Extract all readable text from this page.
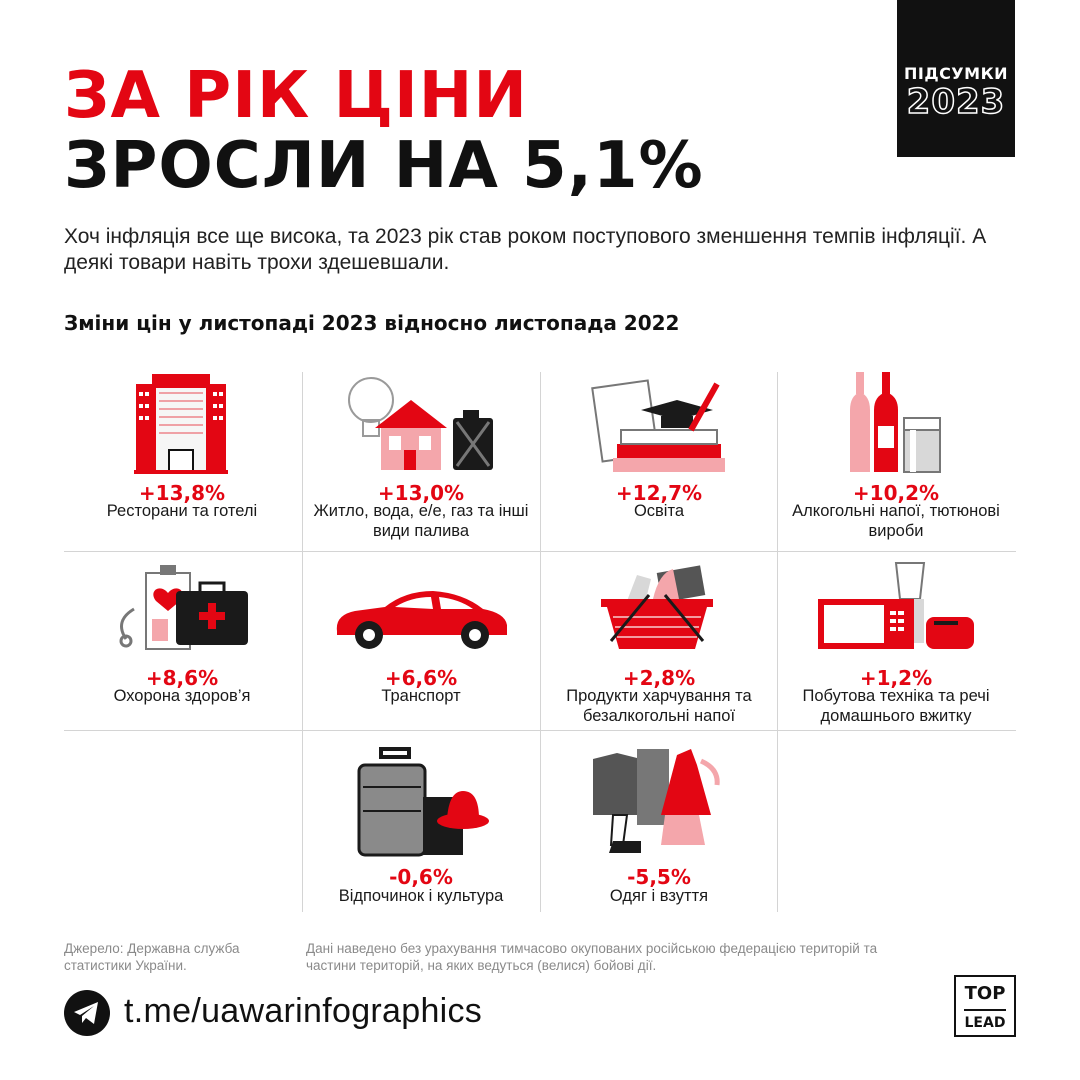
ЗА РІК ЦІНИ
ЗРОСЛИ НА 5,1%
ПІДСУМКИ
2023
Хоч інфляція все ще висока, та 2023 рік став роком поступового зменшення темпів інфляції. А деякі товари навіть трохи здешевшали.
Зміни цін у листопаді 2023 відносно листопада 2022
+13,8%
Ресторани та готелі
+13,0%
Житло, вода, е/е, газ та інші види палива
+12,7%
Освіта
+10,2%
Алкогольні напої, тютюнові вироби
+8,6%
Охорона здоров’я
+6,6%
Транспорт
+2,8%
Продукти харчування та безалкогольні напої
+1,2%
Побутова техніка та речі домашнього вжитку
-0,6%
Відпочинок і культура
-5,5%
Одяг і взуття
Джерело: Державна служба статистики України.
Дані наведено без урахування тимчасово окупованих російською федерацією територій та частини територій, на яких ведуться (велися) бойові дії.
t.me/uawarinfographics	TOP
LEAD
